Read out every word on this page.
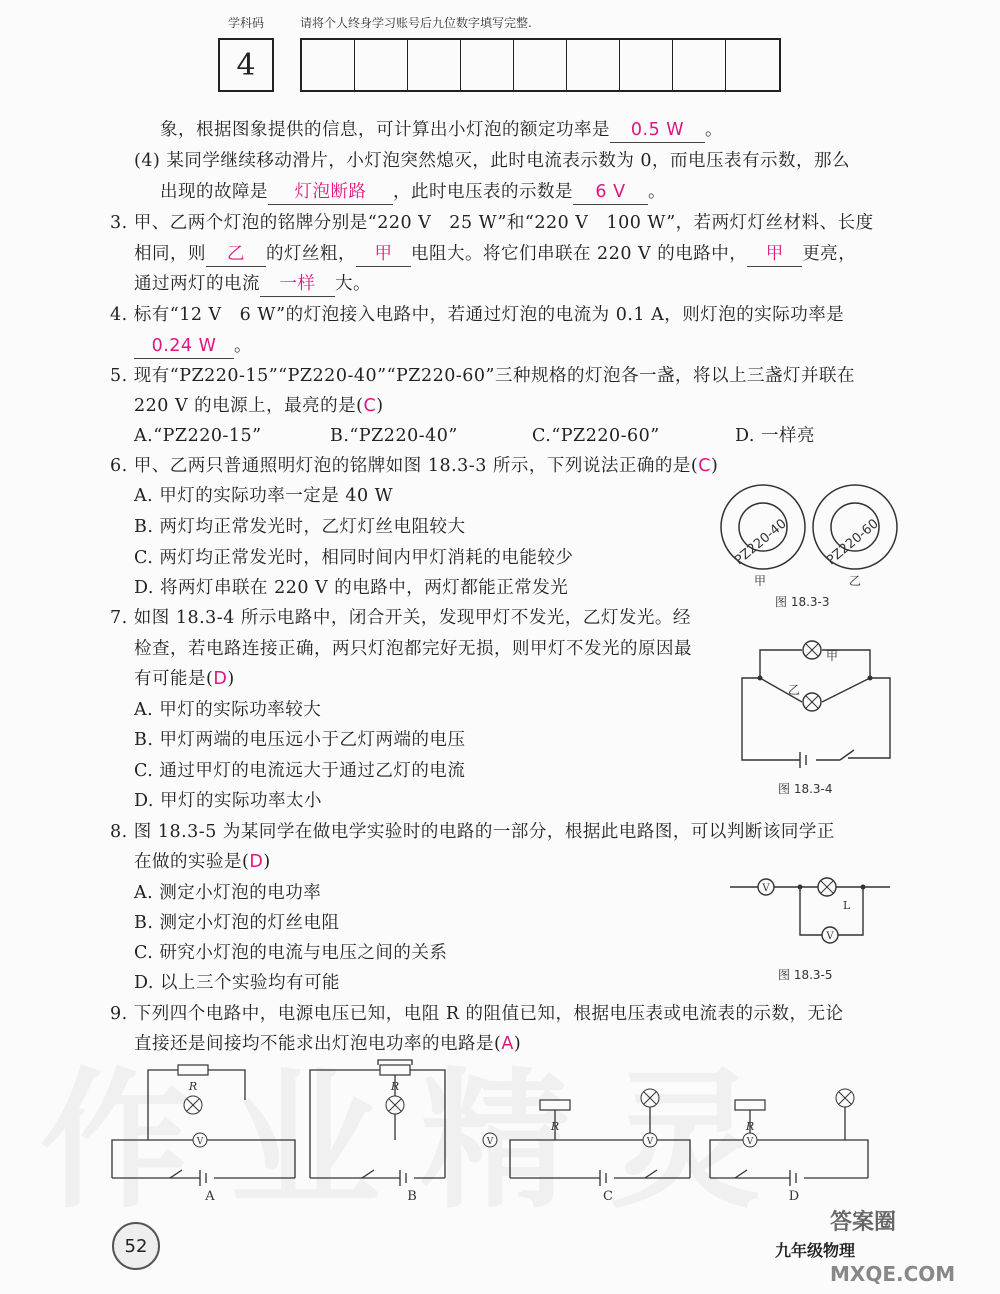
学科码	请将个人终身学习账号后九位数字填写完整.
4
象，根据图象提供的信息，可计算出小灯泡的额定功率是 0.5 W 。
(4) 某同学继续移动滑片，小灯泡突然熄灭，此时电流表示数为 0，而电压表有示数，那么
出现的故障是 灯泡断路 ，此时电压表的示数是 6 V 。
3. 甲、乙两个灯泡的铭牌分别是“220 V　25 W”和“220 V　100 W”，若两灯灯丝材料、长度
相同，则 乙 的灯丝粗， 甲 电阻大。将它们串联在 220 V 的电路中， 甲 更亮，
通过两灯的电流 一样 大。
4. 标有“12 V　6 W”的灯泡接入电路中，若通过灯泡的电流为 0.1 A，则灯泡的实际功率是
0.24 W 。
5. 现有“PZ220-15”“PZ220-40”“PZ220-60”三种规格的灯泡各一盏，将以上三盏灯并联在
220 V 的电源上，最亮的是(C)
A.“PZ220-15”	B.“PZ220-40”	C.“PZ220-60”	D. 一样亮
6. 甲、乙两只普通照明灯泡的铭牌如图 18.3-3 所示，下列说法正确的是(C)
A. 甲灯的实际功率一定是 40 W
B. 两灯均正常发光时，乙灯灯丝电阻较大
C. 两灯均正常发光时，相同时间内甲灯消耗的电能较少
D. 将两灯串联在 220 V 的电路中，两灯都能正常发光
7. 如图 18.3-4 所示电路中，闭合开关，发现甲灯不发光，乙灯发光。经
检查，若电路连接正确，两只灯泡都完好无损，则甲灯不发光的原因最
有可能是(D)
A. 甲灯的实际功率较大
B. 甲灯两端的电压远小于乙灯两端的电压
C. 通过甲灯的电流远大于通过乙灯的电流
D. 甲灯的实际功率太小
8. 图 18.3-5 为某同学在做电学实验时的电路的一部分，根据此电路图，可以判断该同学正
在做的实验是(D)
A. 测定小灯泡的电功率
B. 测定小灯泡的灯丝电阻
C. 研究小灯泡的电流与电压之间的关系
D. 以上三个实验均有可能
9. 下列四个电路中，电源电压已知，电阻 R 的阻值已知，根据电压表或电流表的示数，无论
直接还是间接均不能求出灯泡电功率的电路是(A)
PZ220-40	PZ220-60
甲	乙
图 18.3-3
甲
乙
图 18.3-4
V
V
L
图 18.3-5
R
V
A
R
V
B
R
V
C
R
V
D
52	九年级物理
答案圈
MXQE.COM
